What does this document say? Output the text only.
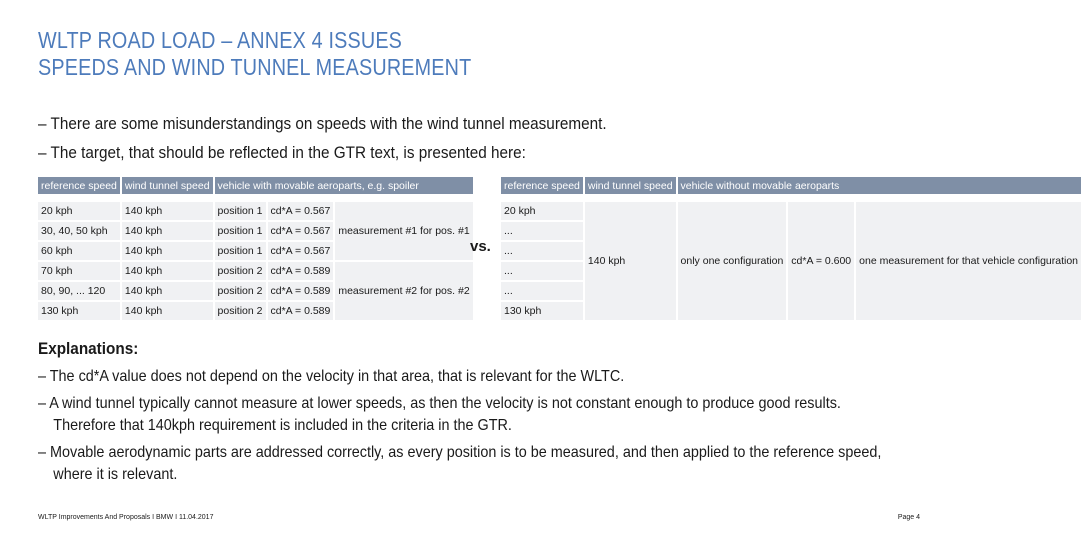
WLTP ROAD LOAD – ANNEX 4 ISSUES
SPEEDS AND WIND TUNNEL MEASUREMENT
– There are some misunderstandings on speeds with the wind tunnel measurement.
– The target, that should be reflected in the GTR text, is presented here:
reference speed	wind tunnel speed	vehicle with movable aeroparts, e.g. spoiler		

20 kph	140 kph	position 1	cd*A = 0.567	measurement #1 for pos. #1
30, 40, 50 kph	140 kph	position 1	cd*A = 0.567	
60 kph	140 kph	position 1	cd*A = 0.567	
70 kph	140 kph	position 2	cd*A = 0.589	measurement #2 for pos. #2
80, 90, ... 120	140 kph	position 2	cd*A = 0.589	
130 kph	140 kph	position 2	cd*A = 0.589	
vs.
reference speed	wind tunnel speed	vehicle without movable aeroparts		

20 kph	140 kph	only one configuration	cd*A = 0.600	one measurement for that vehicle configuration
...				
...				
...				
...				
130 kph				
Explanations:
– The cd*A value does not depend on the velocity in that area, that is relevant for the WLTC.
– A wind tunnel typically cannot measure at lower speeds, as then the velocity is not constant enough to produce good results.
Therefore that 140kph requirement is included in the criteria in the GTR.
– Movable aerodynamic parts are addressed correctly, as every position is to be measured, and then applied to the reference speed,
where it is relevant.
WLTP Improvements And Proposals I BMW I 11.04.2017	Page 4
